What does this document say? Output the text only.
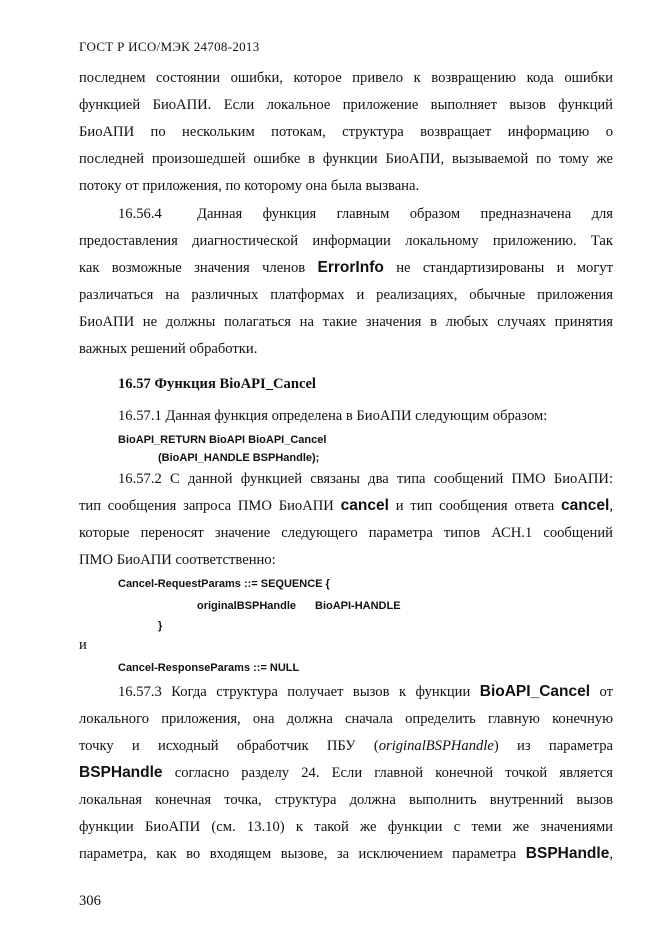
ГОСТ Р ИСО/МЭК 24708-2013
последнем состоянии ошибки, которое привело к возвращению кода ошибки
функцией БиоАПИ. Если локальное приложение выполняет вызов функций
БиоАПИ по нескольким потокам, структура возвращает информацию о
последней произошедшей ошибке в функции БиоАПИ, вызываемой по тому же
потоку от приложения, по которому она была вызвана.
16.56.4 Данная функция главным образом предназначена для
предоставления диагностической информации локальному приложению. Так
как возможные значения членов ErrorInfo не стандартизированы и могут
различаться на различных платформах и реализациях, обычные приложения
БиоАПИ не должны полагаться на такие значения в любых случаях принятия
важных решений обработки.
16.57 Функция BioAPI_Cancel
16.57.1 Данная функция определена в БиоАПИ следующим образом:
BioAPI_RETURN BioAPI BioAPI_Cancel
(BioAPI_HANDLE BSPHandle);
16.57.2 С данной функцией связаны два типа сообщений ПМО БиоАПИ:
тип сообщения запроса ПМО БиоАПИ cancel и тип сообщения ответа cancel,
которые переносят значение следующего параметра типов АСН.1 сообщений
ПМО БиоАПИ соответственно:
Cancel-RequestParams ::= SEQUENCE {
originalBSPHandle BioAPI-HANDLE
}
и
Cancel-ResponseParams ::= NULL
16.57.3 Когда структура получает вызов к функции BioAPI_Cancel от
локального приложения, она должна сначала определить главную конечную
точку и исходный обработчик ПБУ (originalBSPHandle) из параметра
BSPHandle согласно разделу 24. Если главной конечной точкой является
локальная конечная точка, структура должна выполнить внутренний вызов
функции БиоАПИ (см. 13.10) к такой же функции с теми же значениями
параметра, как во входящем вызове, за исключением параметра BSPHandle,
306
